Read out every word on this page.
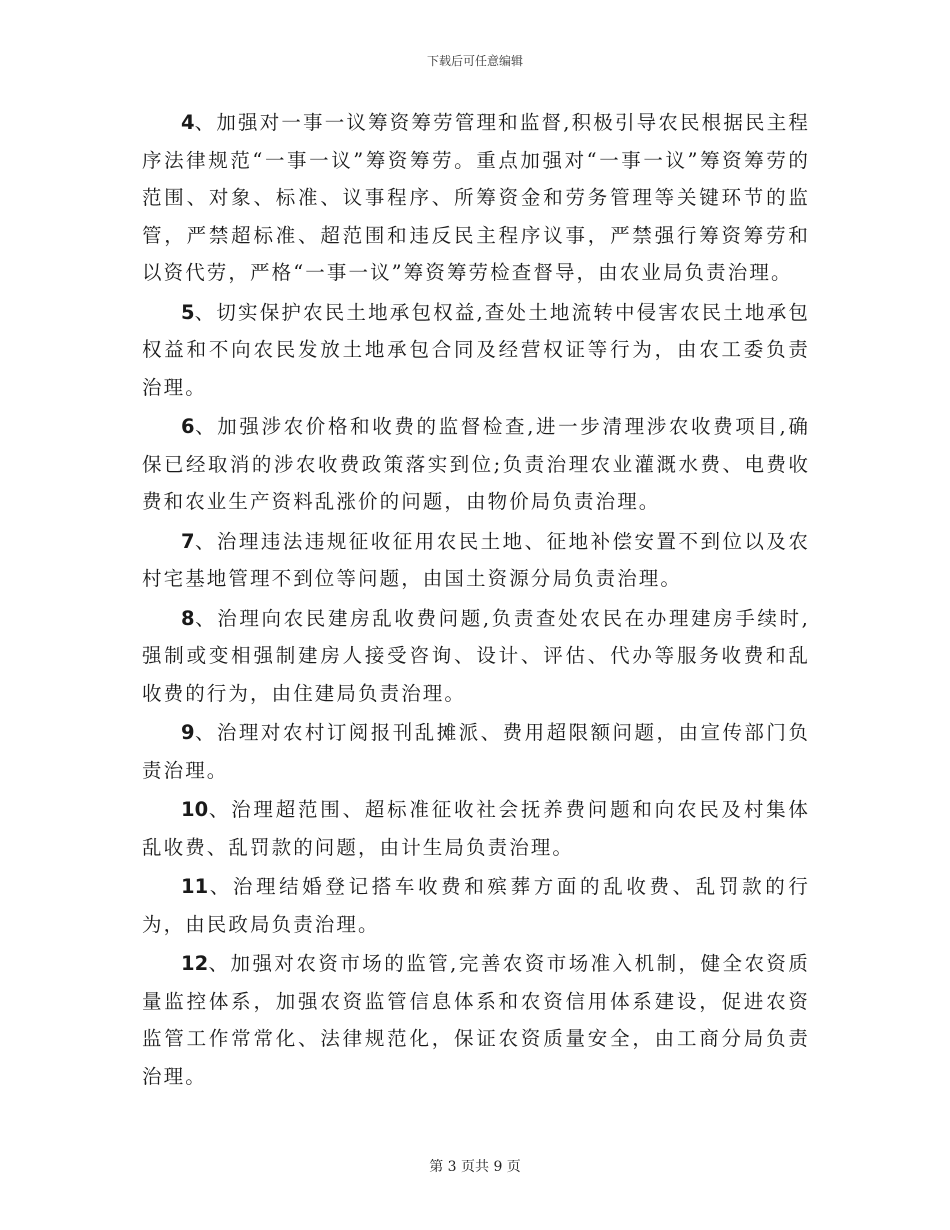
下载后可任意编辑

4、加强对一事一议筹资筹劳管理和监督,积极引导农民根据民主程序法律规范“一事一议”筹资筹劳。重点加强对“一事一议”筹资筹劳的范围、对象、标准、议事程序、所筹资金和劳务管理等关键环节的监管，严禁超标准、超范围和违反民主程序议事，严禁强行筹资筹劳和以资代劳，严格“一事一议”筹资筹劳检查督导，由农业局负责治理。

5、切实保护农民土地承包权益,查处土地流转中侵害农民土地承包权益和不向农民发放土地承包合同及经营权证等行为，由农工委负责治理。

6、加强涉农价格和收费的监督检查,进一步清理涉农收费项目,确保已经取消的涉农收费政策落实到位;负责治理农业灌溉水费、电费收费和农业生产资料乱涨价的问题，由物价局负责治理。

7、治理违法违规征收征用农民土地、征地补偿安置不到位以及农村宅基地管理不到位等问题，由国土资源分局负责治理。

8、治理向农民建房乱收费问题,负责查处农民在办理建房手续时,强制或变相强制建房人接受咨询、设计、评估、代办等服务收费和乱收费的行为，由住建局负责治理。

9、治理对农村订阅报刊乱摊派、费用超限额问题，由宣传部门负责治理。

10、治理超范围、超标准征收社会抚养费问题和向农民及村集体乱收费、乱罚款的问题，由计生局负责治理。

11、治理结婚登记搭车收费和殡葬方面的乱收费、乱罚款的行为，由民政局负责治理。

12、加强对农资市场的监管,完善农资市场准入机制，健全农资质量监控体系，加强农资监管信息体系和农资信用体系建设，促进农资监管工作常常化、法律规范化，保证农资质量安全，由工商分局负责治理。

第 3 页共 9 页
